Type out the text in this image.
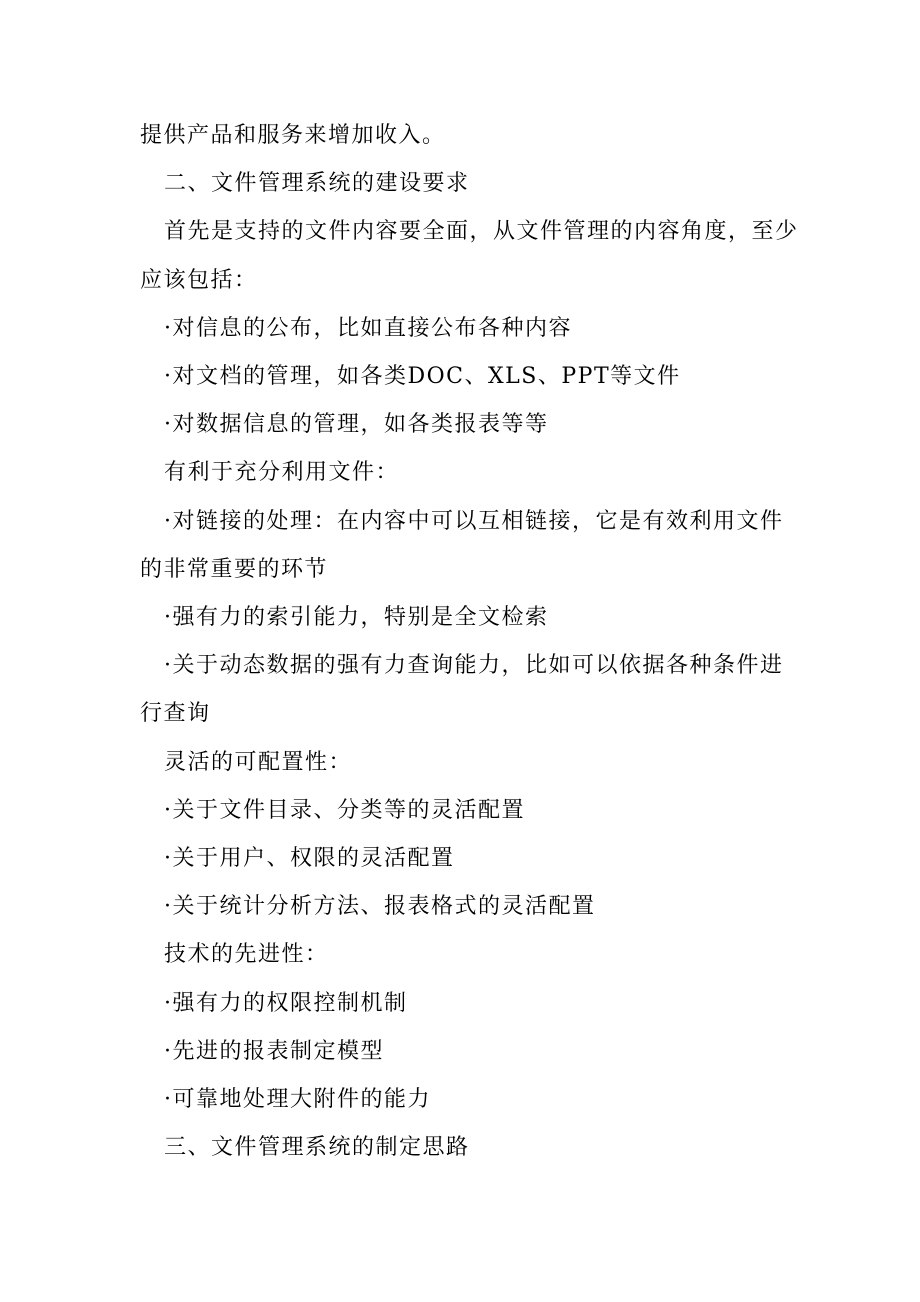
提供产品和服务来增加收入。

二、文件管理系统的建设要求

首先是支持的文件内容要全面，从文件管理的内容角度，至少

应该包括：

·对信息的公布，比如直接公布各种内容

·对文档的管理，如各类DOC、XLS、PPT等文件

·对数据信息的管理，如各类报表等等

有利于充分利用文件：

·对链接的处理：在内容中可以互相链接，它是有效利用文件

的非常重要的环节

·强有力的索引能力，特别是全文检索

·关于动态数据的强有力查询能力，比如可以依据各种条件进

行查询

灵活的可配置性：

·关于文件目录、分类等的灵活配置

·关于用户、权限的灵活配置

·关于统计分析方法、报表格式的灵活配置

技术的先进性：

·强有力的权限控制机制

·先进的报表制定模型

·可靠地处理大附件的能力

三、文件管理系统的制定思路
